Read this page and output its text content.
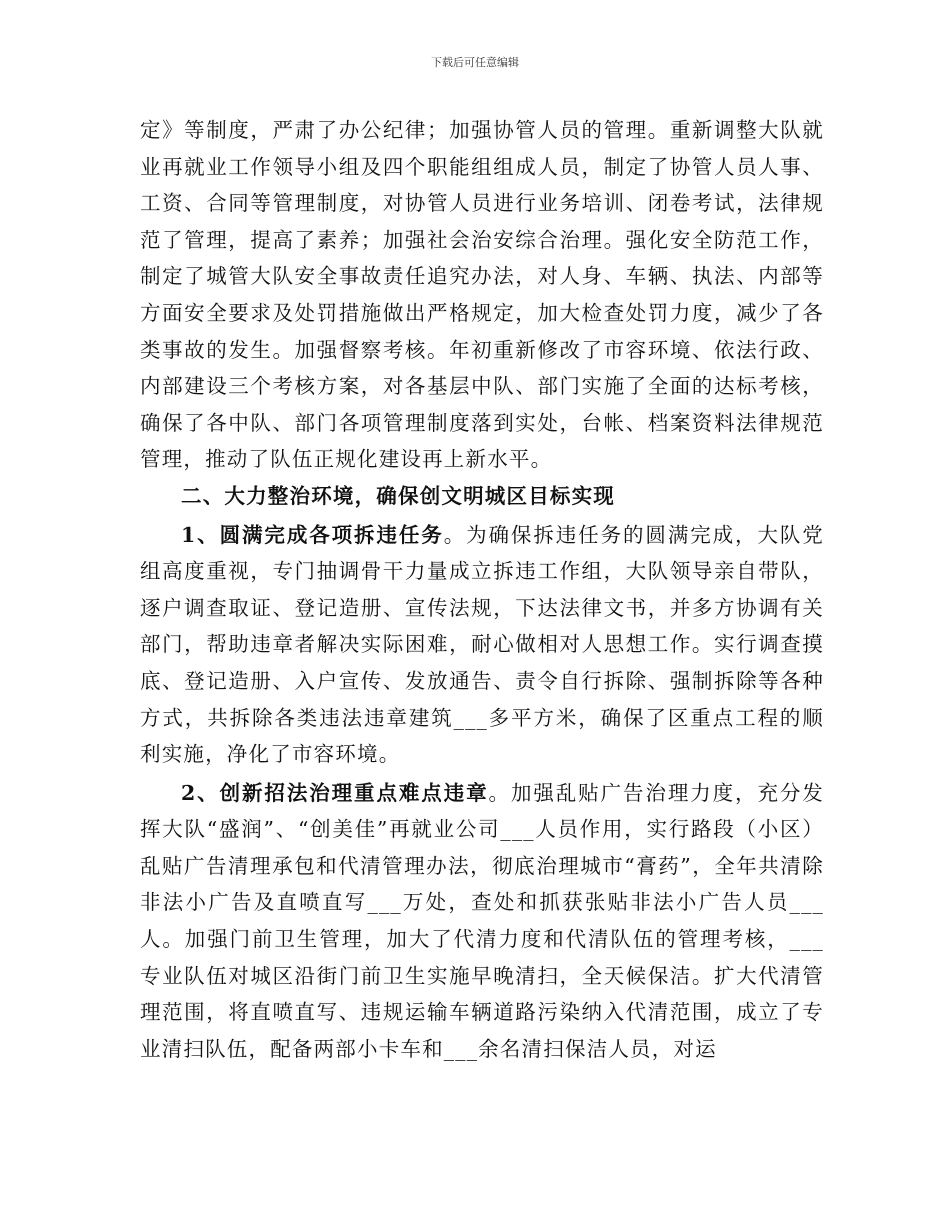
下载后可任意编辑

定》等制度，严肃了办公纪律；加强协管人员的管理。重新调整大队就业再就业工作领导小组及四个职能组组成人员，制定了协管人员人事、工资、合同等管理制度，对协管人员进行业务培训、闭卷考试，法律规范了管理，提高了素养；加强社会治安综合治理。强化安全防范工作，制定了城管大队安全事故责任追究办法，对人身、车辆、执法、内部等方面安全要求及处罚措施做出严格规定，加大检查处罚力度，减少了各类事故的发生。加强督察考核。年初重新修改了市容环境、依法行政、内部建设三个考核方案，对各基层中队、部门实施了全面的达标考核，确保了各中队、部门各项管理制度落到实处，台帐、档案资料法律规范管理，推动了队伍正规化建设再上新水平。

二、大力整治环境，确保创文明城区目标实现

1、圆满完成各项拆违任务。为确保拆违任务的圆满完成，大队党组高度重视，专门抽调骨干力量成立拆违工作组，大队领导亲自带队，逐户调查取证、登记造册、宣传法规，下达法律文书，并多方协调有关部门，帮助违章者解决实际困难，耐心做相对人思想工作。实行调查摸底、登记造册、入户宣传、发放通告、责令自行拆除、强制拆除等各种方式，共拆除各类违法违章建筑___多平方米，确保了区重点工程的顺利实施，净化了市容环境。

2、创新招法治理重点难点违章。加强乱贴广告治理力度，充分发挥大队“盛润”、“创美佳”再就业公司___人员作用，实行路段（小区）乱贴广告清理承包和代清管理办法，彻底治理城市“膏药”，全年共清除非法小广告及直喷直写___万处，查处和抓获张贴非法小广告人员___人。加强门前卫生管理，加大了代清力度和代清队伍的管理考核，___专业队伍对城区沿街门前卫生实施早晚清扫，全天候保洁。扩大代清管理范围，将直喷直写、违规运输车辆道路污染纳入代清范围，成立了专业清扫队伍，配备两部小卡车和___余名清扫保洁人员，对运
